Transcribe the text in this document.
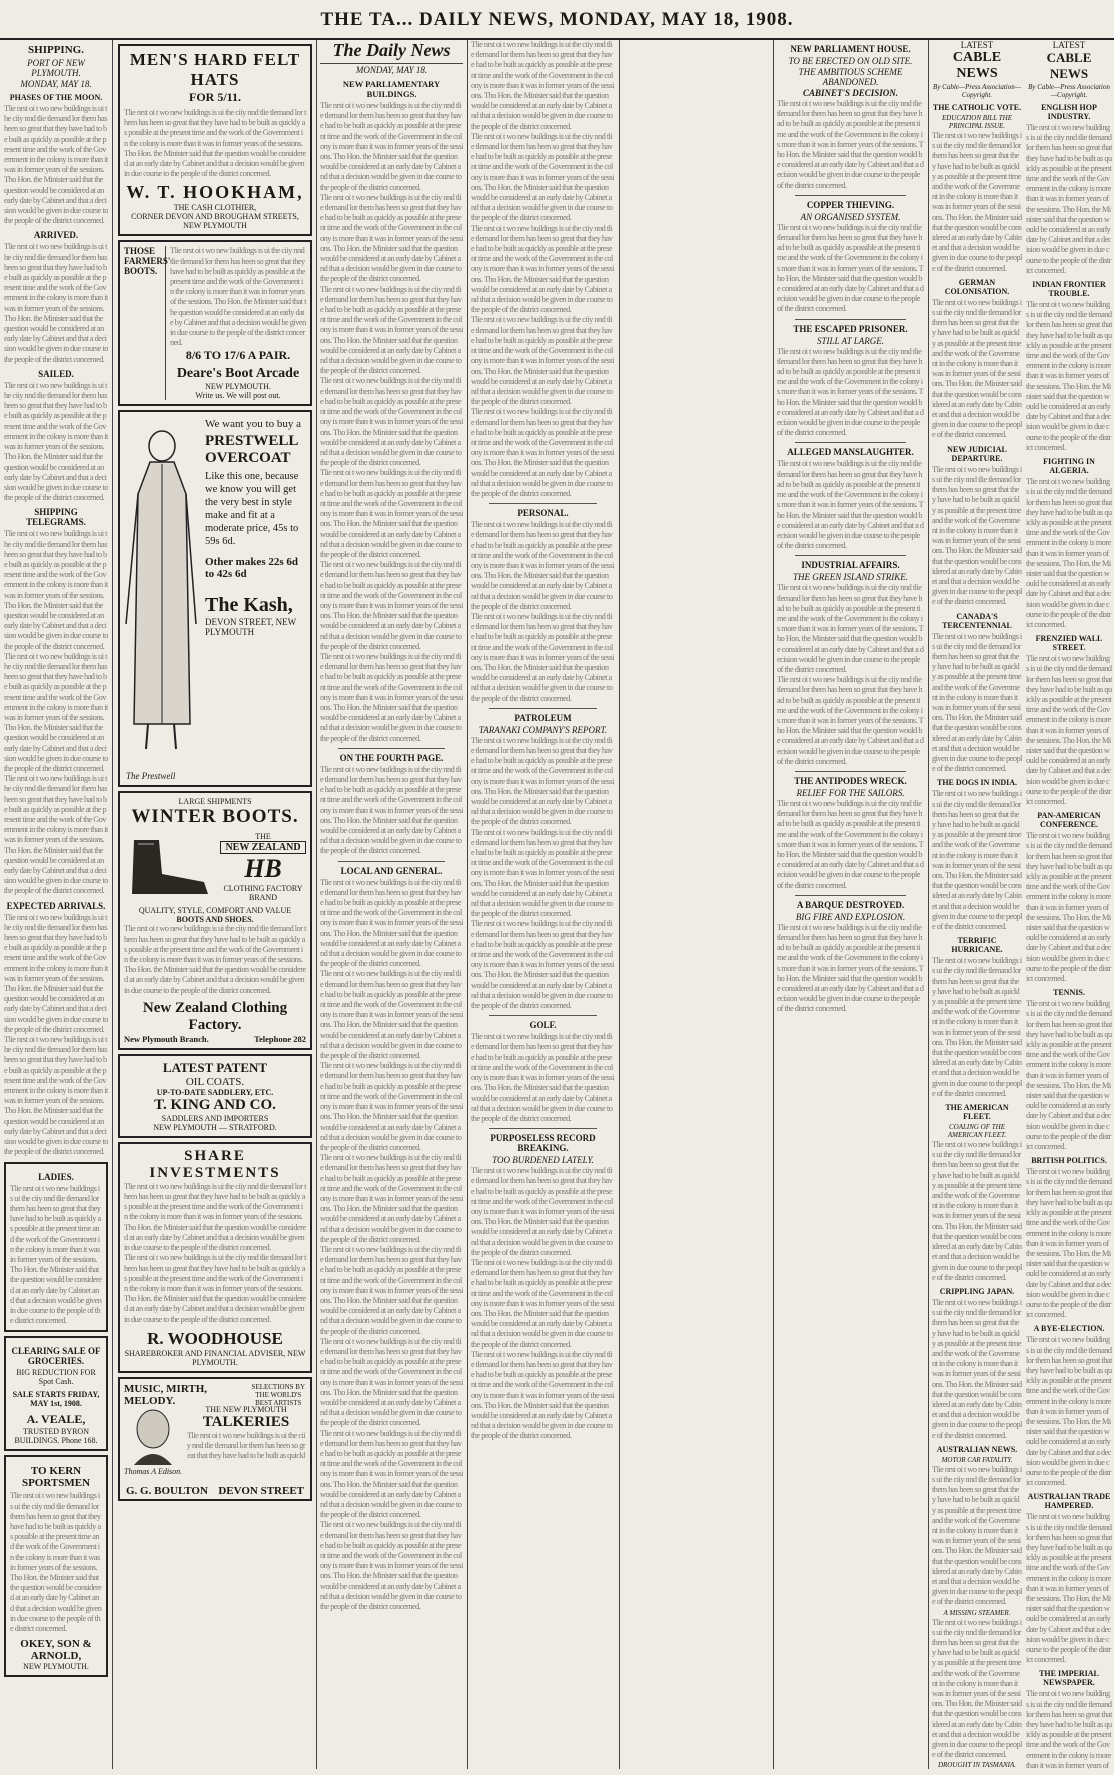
THE TA... DAILY NEWS, MONDAY, MAY 18, 1908.
SHIPPING.
PORT OF NEW PLYMOUTH.
MONDAY, MAY 18.
PHASES OF THE MOON.
Tlie nrst oi t wo new buildings is ui the ciiy nnd tlie tlemand lor them has heen so great that they have had to be built as quickly as possible at the present time and the work of the Government in the colony is more than it was in former years of the sessions. Tho Hon. the Minister said that the question would be considered at an early date by Cabinet and that a decision would be given in due course to the people of the district concerned.
ARRIVED.
Tlie nrst oi t wo new buildings is ui the ciiy nnd tlie tlemand lor them has heen so great that they have had to be built as quickly as possible at the present time and the work of the Government in the colony is more than it was in former years of the sessions. Tho Hon. the Minister said that the question would be considered at an early date by Cabinet and that a decision would be given in due course to the people of the district concerned.
SAILED.
Tlie nrst oi t wo new buildings is ui the ciiy nnd tlie tlemand lor them has heen so great that they have had to be built as quickly as possible at the present time and the work of the Government in the colony is more than it was in former years of the sessions. Tho Hon. the Minister said that the question would be considered at an early date by Cabinet and that a decision would be given in due course to the people of the district concerned.
SHIPPING TELEGRAMS.
Tlie nrst oi t wo new buildings is ui the ciiy nnd tlie tlemand lor them has heen so great that they have had to be built as quickly as possible at the present time and the work of the Government in the colony is more than it was in former years of the sessions. Tho Hon. the Minister said that the question would be considered at an early date by Cabinet and that a decision would be given in due course to the people of the district concerned.
Tlie nrst oi t wo new buildings is ui the ciiy nnd tlie tlemand lor them has heen so great that they have had to be built as quickly as possible at the present time and the work of the Government in the colony is more than it was in former years of the sessions. Tho Hon. the Minister said that the question would be considered at an early date by Cabinet and that a decision would be given in due course to the people of the district concerned.
Tlie nrst oi t wo new buildings is ui the ciiy nnd tlie tlemand lor them has heen so great that they have had to be built as quickly as possible at the present time and the work of the Government in the colony is more than it was in former years of the sessions. Tho Hon. the Minister said that the question would be considered at an early date by Cabinet and that a decision would be given in due course to the people of the district concerned.
EXPECTED ARRIVALS.
Tlie nrst oi t wo new buildings is ui the ciiy nnd tlie tlemand lor them has heen so great that they have had to be built as quickly as possible at the present time and the work of the Government in the colony is more than it was in former years of the sessions. Tho Hon. the Minister said that the question would be considered at an early date by Cabinet and that a decision would be given in due course to the people of the district concerned.
Tlie nrst oi t wo new buildings is ui the ciiy nnd tlie tlemand lor them has heen so great that they have had to be built as quickly as possible at the present time and the work of the Government in the colony is more than it was in former years of the sessions. Tho Hon. the Minister said that the question would be considered at an early date by Cabinet and that a decision would be given in due course to the people of the district concerned.
LADIES.
Tlie nrst oi t wo new buildings is ui the ciiy nnd tlie tlemand lor them has heen so great that they have had to be built as quickly as possible at the present time and the work of the Government in the colony is more than it was in former years of the sessions. Tho Hon. the Minister said that the question would be considered at an early date by Cabinet and that a decision would be given in due course to the people of the district concerned.
CLEARING SALE OF GROCERIES.
BIG REDUCTION FOR Spot Cash.
SALE STARTS FRIDAY, MAY 1st, 1908.
A. VEALE,
TRUSTED BYRON BUILDINGS. Phone 168.
TO KERN SPORTSMEN
Tlie nrst oi t wo new buildings is ui the ciiy nnd tlie tlemand lor them has heen so great that they have had to be built as quickly as possible at the present time and the work of the Government in the colony is more than it was in former years of the sessions. Tho Hon. the Minister said that the question would be considered at an early date by Cabinet and that a decision would be given in due course to the people of the district concerned.
OKEY, SON & ARNOLD,
NEW PLYMOUTH.
MEN'S HARD FELT HATS
FOR 5/11.
Tlie nrst oi t wo new buildings is ui the ciiy nnd tlie tlemand lor them has heen so great that they have had to be built as quickly as possible at the present time and the work of the Government in the colony is more than it was in former years of the sessions. Tho Hon. the Minister said that the question would be considered at an early date by Cabinet and that a decision would be given in due course to the people of the district concerned.
W. T. HOOKHAM,
THE CASH CLOTHIER,
CORNER DEVON AND BROUGHAM STREETS, NEW PLYMOUTH
THOSE FARMERS' BOOTS.
Tlie nrst oi t wo new buildings is ui the ciiy nnd tlie tlemand lor them has heen so great that they have had to be built as quickly as possible at the present time and the work of the Government in the colony is more than it was in former years of the sessions. Tho Hon. the Minister said that the question would be considered at an early date by Cabinet and that a decision would be given in due course to the people of the district concerned.
8/6 TO 17/6 A PAIR.
Deare's Boot Arcade
NEW PLYMOUTH.
Write us. We will post out.
We want you to buy a
PRESTWELL OVERCOAT
Like this one, because we know you will get the very best in style make and fit at a moderate price, 45s to 59s 6d.
Other makes 22s 6d to 42s 6d
The Kash,
DEVON STREET, NEW PLYMOUTH
The Prestwell
LARGE SHIPMENTS
WINTER BOOTS.
THE
NEW ZEALAND
HB
CLOTHING FACTORY
BRAND
QUALITY, STYLE, COMFORT AND VALUE
BOOTS AND SHOES.
Tlie nrst oi t wo new buildings is ui the ciiy nnd tlie tlemand lor them has heen so great that they have had to be built as quickly as possible at the present time and the work of the Government in the colony is more than it was in former years of the sessions. Tho Hon. the Minister said that the question would be considered at an early date by Cabinet and that a decision would be given in due course to the people of the district concerned.
New Zealand Clothing Factory.
New Plymouth Branch.	Telephone 282
LATEST PATENT
OIL COATS.
UP-TO-DATE SADDLERY, ETC.
T. KING AND CO.
SADDLERS AND IMPORTERS
NEW PLYMOUTH — STRATFORD.
SHARE INVESTMENTS
Tlie nrst oi t wo new buildings is ui the ciiy nnd tlie tlemand lor them has heen so great that they have had to be built as quickly as possible at the present time and the work of the Government in the colony is more than it was in former years of the sessions. Tho Hon. the Minister said that the question would be considered at an early date by Cabinet and that a decision would be given in due course to the people of the district concerned.
Tlie nrst oi t wo new buildings is ui the ciiy nnd tlie tlemand lor them has heen so great that they have had to be built as quickly as possible at the present time and the work of the Government in the colony is more than it was in former years of the sessions. Tho Hon. the Minister said that the question would be considered at an early date by Cabinet and that a decision would be given in due course to the people of the district concerned.
R. WOODHOUSE
SHAREBROKER AND FINANCIAL ADVISER, NEW PLYMOUTH.
MUSIC, MIRTH, MELODY.
SELECTIONS BY THE WORLD'S BEST ARTISTS
THE NEW PLYMOUTH
TALKERIES
Tlie nrst oi t wo new buildings is ui the ciiy nnd tlie tlemand lor them has heen so great that they have had to be built as quickl
Thomas A Edison.
G. G. BOULTON DEVON STREET
The Daily News
MONDAY, MAY 18.
NEW PARLIAMENTARY BUILDINGS.
Tlie nrst oi t wo new buildings is ui the ciiy nnd tlie tlemand lor them has heen so great that they have had to be built as quickly as possible at the present time and the work of the Government in the colony is more than it was in former years of the sessions. Tho Hon. the Minister said that the question would be considered at an early date by Cabinet and that a decision would be given in due course to the people of the district concerned.
Tlie nrst oi t wo new buildings is ui the ciiy nnd tlie tlemand lor them has heen so great that they have had to be built as quickly as possible at the present time and the work of the Government in the colony is more than it was in former years of the sessions. Tho Hon. the Minister said that the question would be considered at an early date by Cabinet and that a decision would be given in due course to the people of the district concerned.
Tlie nrst oi t wo new buildings is ui the ciiy nnd tlie tlemand lor them has heen so great that they have had to be built as quickly as possible at the present time and the work of the Government in the colony is more than it was in former years of the sessions. Tho Hon. the Minister said that the question would be considered at an early date by Cabinet and that a decision would be given in due course to the people of the district concerned.
Tlie nrst oi t wo new buildings is ui the ciiy nnd tlie tlemand lor them has heen so great that they have had to be built as quickly as possible at the present time and the work of the Government in the colony is more than it was in former years of the sessions. Tho Hon. the Minister said that the question would be considered at an early date by Cabinet and that a decision would be given in due course to the people of the district concerned.
Tlie nrst oi t wo new buildings is ui the ciiy nnd tlie tlemand lor them has heen so great that they have had to be built as quickly as possible at the present time and the work of the Government in the colony is more than it was in former years of the sessions. Tho Hon. the Minister said that the question would be considered at an early date by Cabinet and that a decision would be given in due course to the people of the district concerned.
Tlie nrst oi t wo new buildings is ui the ciiy nnd tlie tlemand lor them has heen so great that they have had to be built as quickly as possible at the present time and the work of the Government in the colony is more than it was in former years of the sessions. Tho Hon. the Minister said that the question would be considered at an early date by Cabinet and that a decision would be given in due course to the people of the district concerned.
Tlie nrst oi t wo new buildings is ui the ciiy nnd tlie tlemand lor them has heen so great that they have had to be built as quickly as possible at the present time and the work of the Government in the colony is more than it was in former years of the sessions. Tho Hon. the Minister said that the question would be considered at an early date by Cabinet and that a decision would be given in due course to the people of the district concerned.
ON THE FOURTH PAGE.
Tlie nrst oi t wo new buildings is ui the ciiy nnd tlie tlemand lor them has heen so great that they have had to be built as quickly as possible at the present time and the work of the Government in the colony is more than it was in former years of the sessions. Tho Hon. the Minister said that the question would be considered at an early date by Cabinet and that a decision would be given in due course to the people of the district concerned.
LOCAL AND GENERAL.
Tlie nrst oi t wo new buildings is ui the ciiy nnd tlie tlemand lor them has heen so great that they have had to be built as quickly as possible at the present time and the work of the Government in the colony is more than it was in former years of the sessions. Tho Hon. the Minister said that the question would be considered at an early date by Cabinet and that a decision would be given in due course to the people of the district concerned.
Tlie nrst oi t wo new buildings is ui the ciiy nnd tlie tlemand lor them has heen so great that they have had to be built as quickly as possible at the present time and the work of the Government in the colony is more than it was in former years of the sessions. Tho Hon. the Minister said that the question would be considered at an early date by Cabinet and that a decision would be given in due course to the people of the district concerned.
Tlie nrst oi t wo new buildings is ui the ciiy nnd tlie tlemand lor them has heen so great that they have had to be built as quickly as possible at the present time and the work of the Government in the colony is more than it was in former years of the sessions. Tho Hon. the Minister said that the question would be considered at an early date by Cabinet and that a decision would be given in due course to the people of the district concerned.
Tlie nrst oi t wo new buildings is ui the ciiy nnd tlie tlemand lor them has heen so great that they have had to be built as quickly as possible at the present time and the work of the Government in the colony is more than it was in former years of the sessions. Tho Hon. the Minister said that the question would be considered at an early date by Cabinet and that a decision would be given in due course to the people of the district concerned.
Tlie nrst oi t wo new buildings is ui the ciiy nnd tlie tlemand lor them has heen so great that they have had to be built as quickly as possible at the present time and the work of the Government in the colony is more than it was in former years of the sessions. Tho Hon. the Minister said that the question would be considered at an early date by Cabinet and that a decision would be given in due course to the people of the district concerned.
Tlie nrst oi t wo new buildings is ui the ciiy nnd tlie tlemand lor them has heen so great that they have had to be built as quickly as possible at the present time and the work of the Government in the colony is more than it was in former years of the sessions. Tho Hon. the Minister said that the question would be considered at an early date by Cabinet and that a decision would be given in due course to the people of the district concerned.
Tlie nrst oi t wo new buildings is ui the ciiy nnd tlie tlemand lor them has heen so great that they have had to be built as quickly as possible at the present time and the work of the Government in the colony is more than it was in former years of the sessions. Tho Hon. the Minister said that the question would be considered at an early date by Cabinet and that a decision would be given in due course to the people of the district concerned.
Tlie nrst oi t wo new buildings is ui the ciiy nnd tlie tlemand lor them has heen so great that they have had to be built as quickly as possible at the present time and the work of the Government in the colony is more than it was in former years of the sessions. Tho Hon. the Minister said that the question would be considered at an early date by Cabinet and that a decision would be given in due course to the people of the district concerned.
Tlie nrst oi t wo new buildings is ui the ciiy nnd tlie tlemand lor them has heen so great that they have had to be built as quickly as possible at the present time and the work of the Government in the colony is more than it was in former years of the sessions. Tho Hon. the Minister said that the question would be considered at an early date by Cabinet and that a decision would be given in due course to the people of the district concerned.
Tlie nrst oi t wo new buildings is ui the ciiy nnd tlie tlemand lor them has heen so great that they have had to be built as quickly as possible at the present time and the work of the Government in the colony is more than it was in former years of the sessions. Tho Hon. the Minister said that the question would be considered at an early date by Cabinet and that a decision would be given in due course to the people of the district concerned.
Tlie nrst oi t wo new buildings is ui the ciiy nnd tlie tlemand lor them has heen so great that they have had to be built as quickly as possible at the present time and the work of the Government in the colony is more than it was in former years of the sessions. Tho Hon. the Minister said that the question would be considered at an early date by Cabinet and that a decision would be given in due course to the people of the district concerned.
Tlie nrst oi t wo new buildings is ui the ciiy nnd tlie tlemand lor them has heen so great that they have had to be built as quickly as possible at the present time and the work of the Government in the colony is more than it was in former years of the sessions. Tho Hon. the Minister said that the question would be considered at an early date by Cabinet and that a decision would be given in due course to the people of the district concerned.
Tlie nrst oi t wo new buildings is ui the ciiy nnd tlie tlemand lor them has heen so great that they have had to be built as quickly as possible at the present time and the work of the Government in the colony is more than it was in former years of the sessions. Tho Hon. the Minister said that the question would be considered at an early date by Cabinet and that a decision would be given in due course to the people of the district concerned.
PERSONAL.
Tlie nrst oi t wo new buildings is ui the ciiy nnd tlie tlemand lor them has heen so great that they have had to be built as quickly as possible at the present time and the work of the Government in the colony is more than it was in former years of the sessions. Tho Hon. the Minister said that the question would be considered at an early date by Cabinet and that a decision would be given in due course to the people of the district concerned.
Tlie nrst oi t wo new buildings is ui the ciiy nnd tlie tlemand lor them has heen so great that they have had to be built as quickly as possible at the present time and the work of the Government in the colony is more than it was in former years of the sessions. Tho Hon. the Minister said that the question would be considered at an early date by Cabinet and that a decision would be given in due course to the people of the district concerned.
PATROLEUM
TARANAKI COMPANY'S REPORT.
Tlie nrst oi t wo new buildings is ui the ciiy nnd tlie tlemand lor them has heen so great that they have had to be built as quickly as possible at the present time and the work of the Government in the colony is more than it was in former years of the sessions. Tho Hon. the Minister said that the question would be considered at an early date by Cabinet and that a decision would be given in due course to the people of the district concerned.
Tlie nrst oi t wo new buildings is ui the ciiy nnd tlie tlemand lor them has heen so great that they have had to be built as quickly as possible at the present time and the work of the Government in the colony is more than it was in former years of the sessions. Tho Hon. the Minister said that the question would be considered at an early date by Cabinet and that a decision would be given in due course to the people of the district concerned.
Tlie nrst oi t wo new buildings is ui the ciiy nnd tlie tlemand lor them has heen so great that they have had to be built as quickly as possible at the present time and the work of the Government in the colony is more than it was in former years of the sessions. Tho Hon. the Minister said that the question would be considered at an early date by Cabinet and that a decision would be given in due course to the people of the district concerned.
GOLF.
Tlie nrst oi t wo new buildings is ui the ciiy nnd tlie tlemand lor them has heen so great that they have had to be built as quickly as possible at the present time and the work of the Government in the colony is more than it was in former years of the sessions. Tho Hon. the Minister said that the question would be considered at an early date by Cabinet and that a decision would be given in due course to the people of the district concerned.
PURPOSELESS RECORD BREAKING.
TOO BURDENED LATELY.
Tlie nrst oi t wo new buildings is ui the ciiy nnd tlie tlemand lor them has heen so great that they have had to be built as quickly as possible at the present time and the work of the Government in the colony is more than it was in former years of the sessions. Tho Hon. the Minister said that the question would be considered at an early date by Cabinet and that a decision would be given in due course to the people of the district concerned.
Tlie nrst oi t wo new buildings is ui the ciiy nnd tlie tlemand lor them has heen so great that they have had to be built as quickly as possible at the present time and the work of the Government in the colony is more than it was in former years of the sessions. Tho Hon. the Minister said that the question would be considered at an early date by Cabinet and that a decision would be given in due course to the people of the district concerned.
Tlie nrst oi t wo new buildings is ui the ciiy nnd tlie tlemand lor them has heen so great that they have had to be built as quickly as possible at the present time and the work of the Government in the colony is more than it was in former years of the sessions. Tho Hon. the Minister said that the question would be considered at an early date by Cabinet and that a decision would be given in due course to the people of the district concerned.
NEW PARLIAMENT HOUSE.
TO BE ERECTED ON OLD SITE.
THE AMBITIOUS SCHEME ABANDONED.
CABINET'S DECISION.
Tlie nrst oi t wo new buildings is ui the ciiy nnd tlie tlemand lor them has heen so great that they have had to be built as quickly as possible at the present time and the work of the Government in the colony is more than it was in former years of the sessions. Tho Hon. the Minister said that the question would be considered at an early date by Cabinet and that a decision would be given in due course to the people of the district concerned.
COPPER THIEVING.
AN ORGANISED SYSTEM.
Tlie nrst oi t wo new buildings is ui the ciiy nnd tlie tlemand lor them has heen so great that they have had to be built as quickly as possible at the present time and the work of the Government in the colony is more than it was in former years of the sessions. Tho Hon. the Minister said that the question would be considered at an early date by Cabinet and that a decision would be given in due course to the people of the district concerned.
THE ESCAPED PRISONER.
STILL AT LARGE.
Tlie nrst oi t wo new buildings is ui the ciiy nnd tlie tlemand lor them has heen so great that they have had to be built as quickly as possible at the present time and the work of the Government in the colony is more than it was in former years of the sessions. Tho Hon. the Minister said that the question would be considered at an early date by Cabinet and that a decision would be given in due course to the people of the district concerned.
ALLEGED MANSLAUGHTER.
Tlie nrst oi t wo new buildings is ui the ciiy nnd tlie tlemand lor them has heen so great that they have had to be built as quickly as possible at the present time and the work of the Government in the colony is more than it was in former years of the sessions. Tho Hon. the Minister said that the question would be considered at an early date by Cabinet and that a decision would be given in due course to the people of the district concerned.
INDUSTRIAL AFFAIRS.
THE GREEN ISLAND STRIKE.
Tlie nrst oi t wo new buildings is ui the ciiy nnd tlie tlemand lor them has heen so great that they have had to be built as quickly as possible at the present time and the work of the Government in the colony is more than it was in former years of the sessions. Tho Hon. the Minister said that the question would be considered at an early date by Cabinet and that a decision would be given in due course to the people of the district concerned.
Tlie nrst oi t wo new buildings is ui the ciiy nnd tlie tlemand lor them has heen so great that they have had to be built as quickly as possible at the present time and the work of the Government in the colony is more than it was in former years of the sessions. Tho Hon. the Minister said that the question would be considered at an early date by Cabinet and that a decision would be given in due course to the people of the district concerned.
THE ANTIPODES WRECK.
RELIEF FOR THE SAILORS.
Tlie nrst oi t wo new buildings is ui the ciiy nnd tlie tlemand lor them has heen so great that they have had to be built as quickly as possible at the present time and the work of the Government in the colony is more than it was in former years of the sessions. Tho Hon. the Minister said that the question would be considered at an early date by Cabinet and that a decision would be given in due course to the people of the district concerned.
A BARQUE DESTROYED.
BIG FIRE AND EXPLOSION.
Tlie nrst oi t wo new buildings is ui the ciiy nnd tlie tlemand lor them has heen so great that they have had to be built as quickly as possible at the present time and the work of the Government in the colony is more than it was in former years of the sessions. Tho Hon. the Minister said that the question would be considered at an early date by Cabinet and that a decision would be given in due course to the people of the district concerned.
LATEST
CABLE NEWS
By Cable—Press Association—Copyright.
THE CATHOLIC VOTE.
EDUCATION BILL THE PRINCIPAL ISSUE.
Tlie nrst oi t wo new buildings is ui the ciiy nnd tlie tlemand lor them has heen so great that they have had to be built as quickly as possible at the present time and the work of the Government in the colony is more than it was in former years of the sessions. Tho Hon. the Minister said that the question would be considered at an early date by Cabinet and that a decision would be given in due course to the people of the district concerned.
GERMAN COLONISATION.
Tlie nrst oi t wo new buildings is ui the ciiy nnd tlie tlemand lor them has heen so great that they have had to be built as quickly as possible at the present time and the work of the Government in the colony is more than it was in former years of the sessions. Tho Hon. the Minister said that the question would be considered at an early date by Cabinet and that a decision would be given in due course to the people of the district concerned.
NEW JUDICIAL DEPARTURE.
Tlie nrst oi t wo new buildings is ui the ciiy nnd tlie tlemand lor them has heen so great that they have had to be built as quickly as possible at the present time and the work of the Government in the colony is more than it was in former years of the sessions. Tho Hon. the Minister said that the question would be considered at an early date by Cabinet and that a decision would be given in due course to the people of the district concerned.
CANADA'S TERCENTENNIAL
Tlie nrst oi t wo new buildings is ui the ciiy nnd tlie tlemand lor them has heen so great that they have had to be built as quickly as possible at the present time and the work of the Government in the colony is more than it was in former years of the sessions. Tho Hon. the Minister said that the question would be considered at an early date by Cabinet and that a decision would be given in due course to the people of the district concerned.
THE DOGS IN INDIA.
Tlie nrst oi t wo new buildings is ui the ciiy nnd tlie tlemand lor them has heen so great that they have had to be built as quickly as possible at the present time and the work of the Government in the colony is more than it was in former years of the sessions. Tho Hon. the Minister said that the question would be considered at an early date by Cabinet and that a decision would be given in due course to the people of the district concerned.
TERRIFIC HURRICANE.
Tlie nrst oi t wo new buildings is ui the ciiy nnd tlie tlemand lor them has heen so great that they have had to be built as quickly as possible at the present time and the work of the Government in the colony is more than it was in former years of the sessions. Tho Hon. the Minister said that the question would be considered at an early date by Cabinet and that a decision would be given in due course to the people of the district concerned.
THE AMERICAN FLEET.
COALING OF THE AMERICAN FLEET.
Tlie nrst oi t wo new buildings is ui the ciiy nnd tlie tlemand lor them has heen so great that they have had to be built as quickly as possible at the present time and the work of the Government in the colony is more than it was in former years of the sessions. Tho Hon. the Minister said that the question would be considered at an early date by Cabinet and that a decision would be given in due course to the people of the district concerned.
CRIPPLING JAPAN.
Tlie nrst oi t wo new buildings is ui the ciiy nnd tlie tlemand lor them has heen so great that they have had to be built as quickly as possible at the present time and the work of the Government in the colony is more than it was in former years of the sessions. Tho Hon. the Minister said that the question would be considered at an early date by Cabinet and that a decision would be given in due course to the people of the district concerned.
AUSTRALIAN NEWS.
MOTOR CAR FATALITY.
Tlie nrst oi t wo new buildings is ui the ciiy nnd tlie tlemand lor them has heen so great that they have had to be built as quickly as possible at the present time and the work of the Government in the colony is more than it was in former years of the sessions. Tho Hon. the Minister said that the question would be considered at an early date by Cabinet and that a decision would be given in due course to the people of the district concerned.
A MISSING STEAMER.
Tlie nrst oi t wo new buildings is ui the ciiy nnd tlie tlemand lor them has heen so great that they have had to be built as quickly as possible at the present time and the work of the Government in the colony is more than it was in former years of the sessions. Tho Hon. the Minister said that the question would be considered at an early date by Cabinet and that a decision would be given in due course to the people of the district concerned.
DROUGHT IN TASMANIA.
LATEST
CABLE NEWS
By Cable—Press Association—Copyright.
ENGLISH HOP INDUSTRY.
Tlie nrst oi t wo new buildings is ui the ciiy nnd tlie tlemand lor them has heen so great that they have had to be built as quickly as possible at the present time and the work of the Government in the colony is more than it was in former years of the sessions. Tho Hon. the Minister said that the question would be considered at an early date by Cabinet and that a decision would be given in due course to the people of the district concerned.
INDIAN FRONTIER TROUBLE.
Tlie nrst oi t wo new buildings is ui the ciiy nnd tlie tlemand lor them has heen so great that they have had to be built as quickly as possible at the present time and the work of the Government in the colony is more than it was in former years of the sessions. Tho Hon. the Minister said that the question would be considered at an early date by Cabinet and that a decision would be given in due course to the people of the district concerned.
FIGHTING IN ALGERIA.
Tlie nrst oi t wo new buildings is ui the ciiy nnd tlie tlemand lor them has heen so great that they have had to be built as quickly as possible at the present time and the work of the Government in the colony is more than it was in former years of the sessions. Tho Hon. the Minister said that the question would be considered at an early date by Cabinet and that a decision would be given in due course to the people of the district concerned.
FRENZIED WALL STREET.
Tlie nrst oi t wo new buildings is ui the ciiy nnd tlie tlemand lor them has heen so great that they have had to be built as quickly as possible at the present time and the work of the Government in the colony is more than it was in former years of the sessions. Tho Hon. the Minister said that the question would be considered at an early date by Cabinet and that a decision would be given in due course to the people of the district concerned.
PAN-AMERICAN CONFERENCE.
Tlie nrst oi t wo new buildings is ui the ciiy nnd tlie tlemand lor them has heen so great that they have had to be built as quickly as possible at the present time and the work of the Government in the colony is more than it was in former years of the sessions. Tho Hon. the Minister said that the question would be considered at an early date by Cabinet and that a decision would be given in due course to the people of the district concerned.
TENNIS.
Tlie nrst oi t wo new buildings is ui the ciiy nnd tlie tlemand lor them has heen so great that they have had to be built as quickly as possible at the present time and the work of the Government in the colony is more than it was in former years of the sessions. Tho Hon. the Minister said that the question would be considered at an early date by Cabinet and that a decision would be given in due course to the people of the district concerned.
BRITISH POLITICS.
Tlie nrst oi t wo new buildings is ui the ciiy nnd tlie tlemand lor them has heen so great that they have had to be built as quickly as possible at the present time and the work of the Government in the colony is more than it was in former years of the sessions. Tho Hon. the Minister said that the question would be considered at an early date by Cabinet and that a decision would be given in due course to the people of the district concerned.
A BYE-ELECTION.
Tlie nrst oi t wo new buildings is ui the ciiy nnd tlie tlemand lor them has heen so great that they have had to be built as quickly as possible at the present time and the work of the Government in the colony is more than it was in former years of the sessions. Tho Hon. the Minister said that the question would be considered at an early date by Cabinet and that a decision would be given in due course to the people of the district concerned.
AUSTRALIAN TRADE HAMPERED.
Tlie nrst oi t wo new buildings is ui the ciiy nnd tlie tlemand lor them has heen so great that they have had to be built as quickly as possible at the present time and the work of the Government in the colony is more than it was in former years of the sessions. Tho Hon. the Minister said that the question would be considered at an early date by Cabinet and that a decision would be given in due course to the people of the district concerned.
THE IMPERIAL NEWSPAPER.
Tlie nrst oi t wo new buildings is ui the ciiy nnd tlie tlemand lor them has heen so great that they have had to be built as quickly as possible at the present time and the work of the Government in the colony is more than it was in former years of
